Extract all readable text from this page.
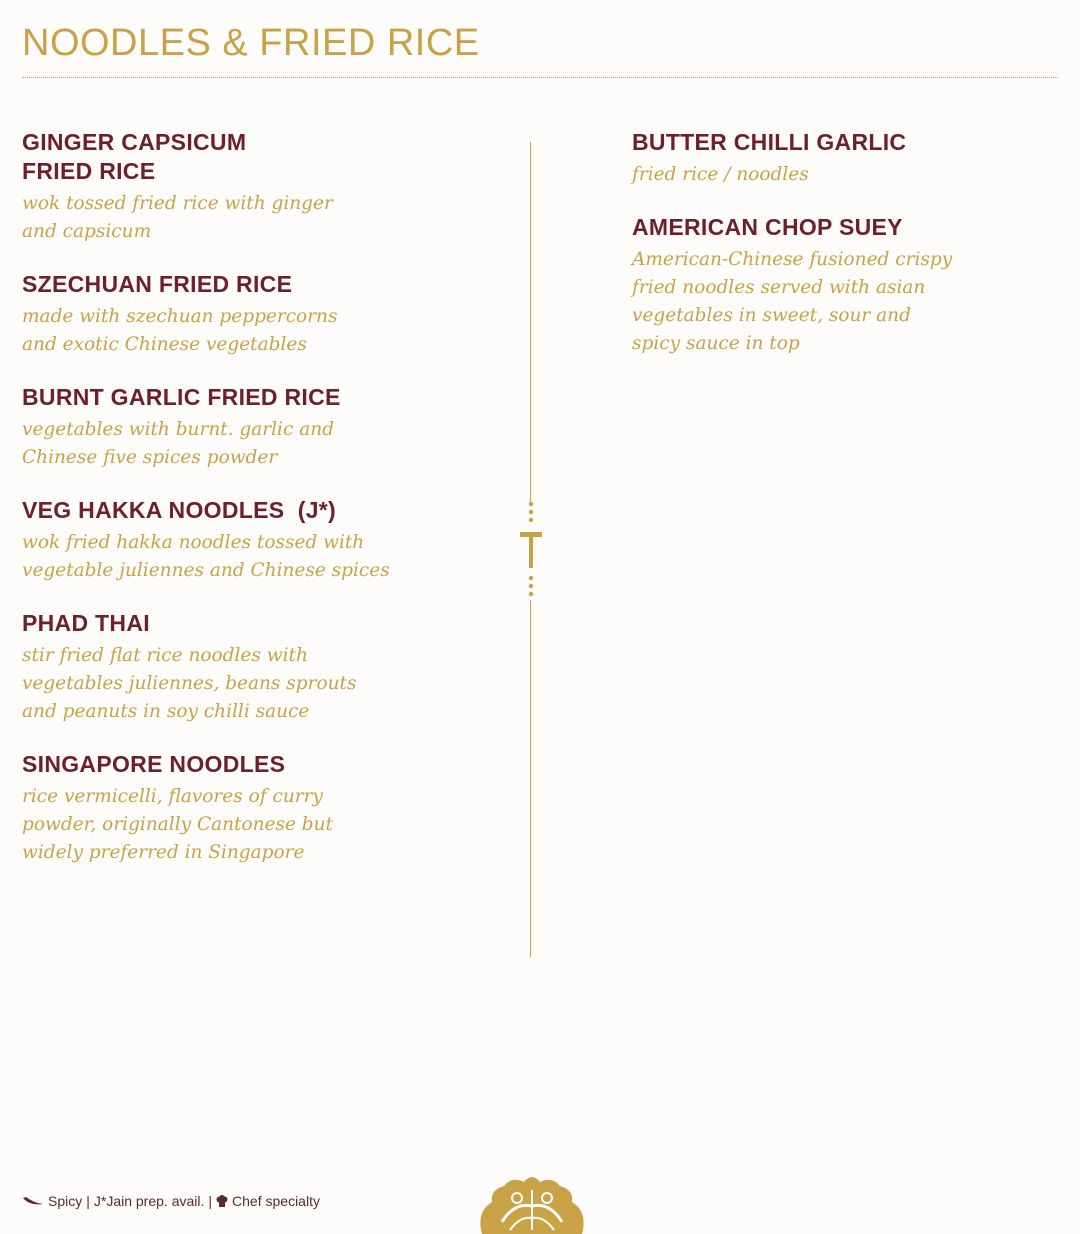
NOODLES & FRIED RICE
GINGER CAPSICUM
FRIED RICE
wok tossed fried rice with ginger
and capsicum
SZECHUAN FRIED RICE
made with szechuan peppercorns
and exotic Chinese vegetables
BURNT GARLIC FRIED RICE
vegetables with burnt. garlic and
Chinese five spices powder
VEG HAKKA NOODLES  (J*)
wok fried hakka noodles tossed with
vegetable juliennes and Chinese spices
PHAD THAI
stir fried flat rice noodles with
vegetables juliennes, beans sprouts
and peanuts in soy chilli sauce
SINGAPORE NOODLES
rice vermicelli, flavores of curry
powder, originally Cantonese but
widely preferred in Singapore
BUTTER CHILLI GARLIC
fried rice / noodles
AMERICAN CHOP SUEY
American-Chinese fusioned crispy
fried noodles served with asian
vegetables in sweet, sour and
spicy sauce in top
Spicy | J*Jain prep. avail. | Chef specialty
